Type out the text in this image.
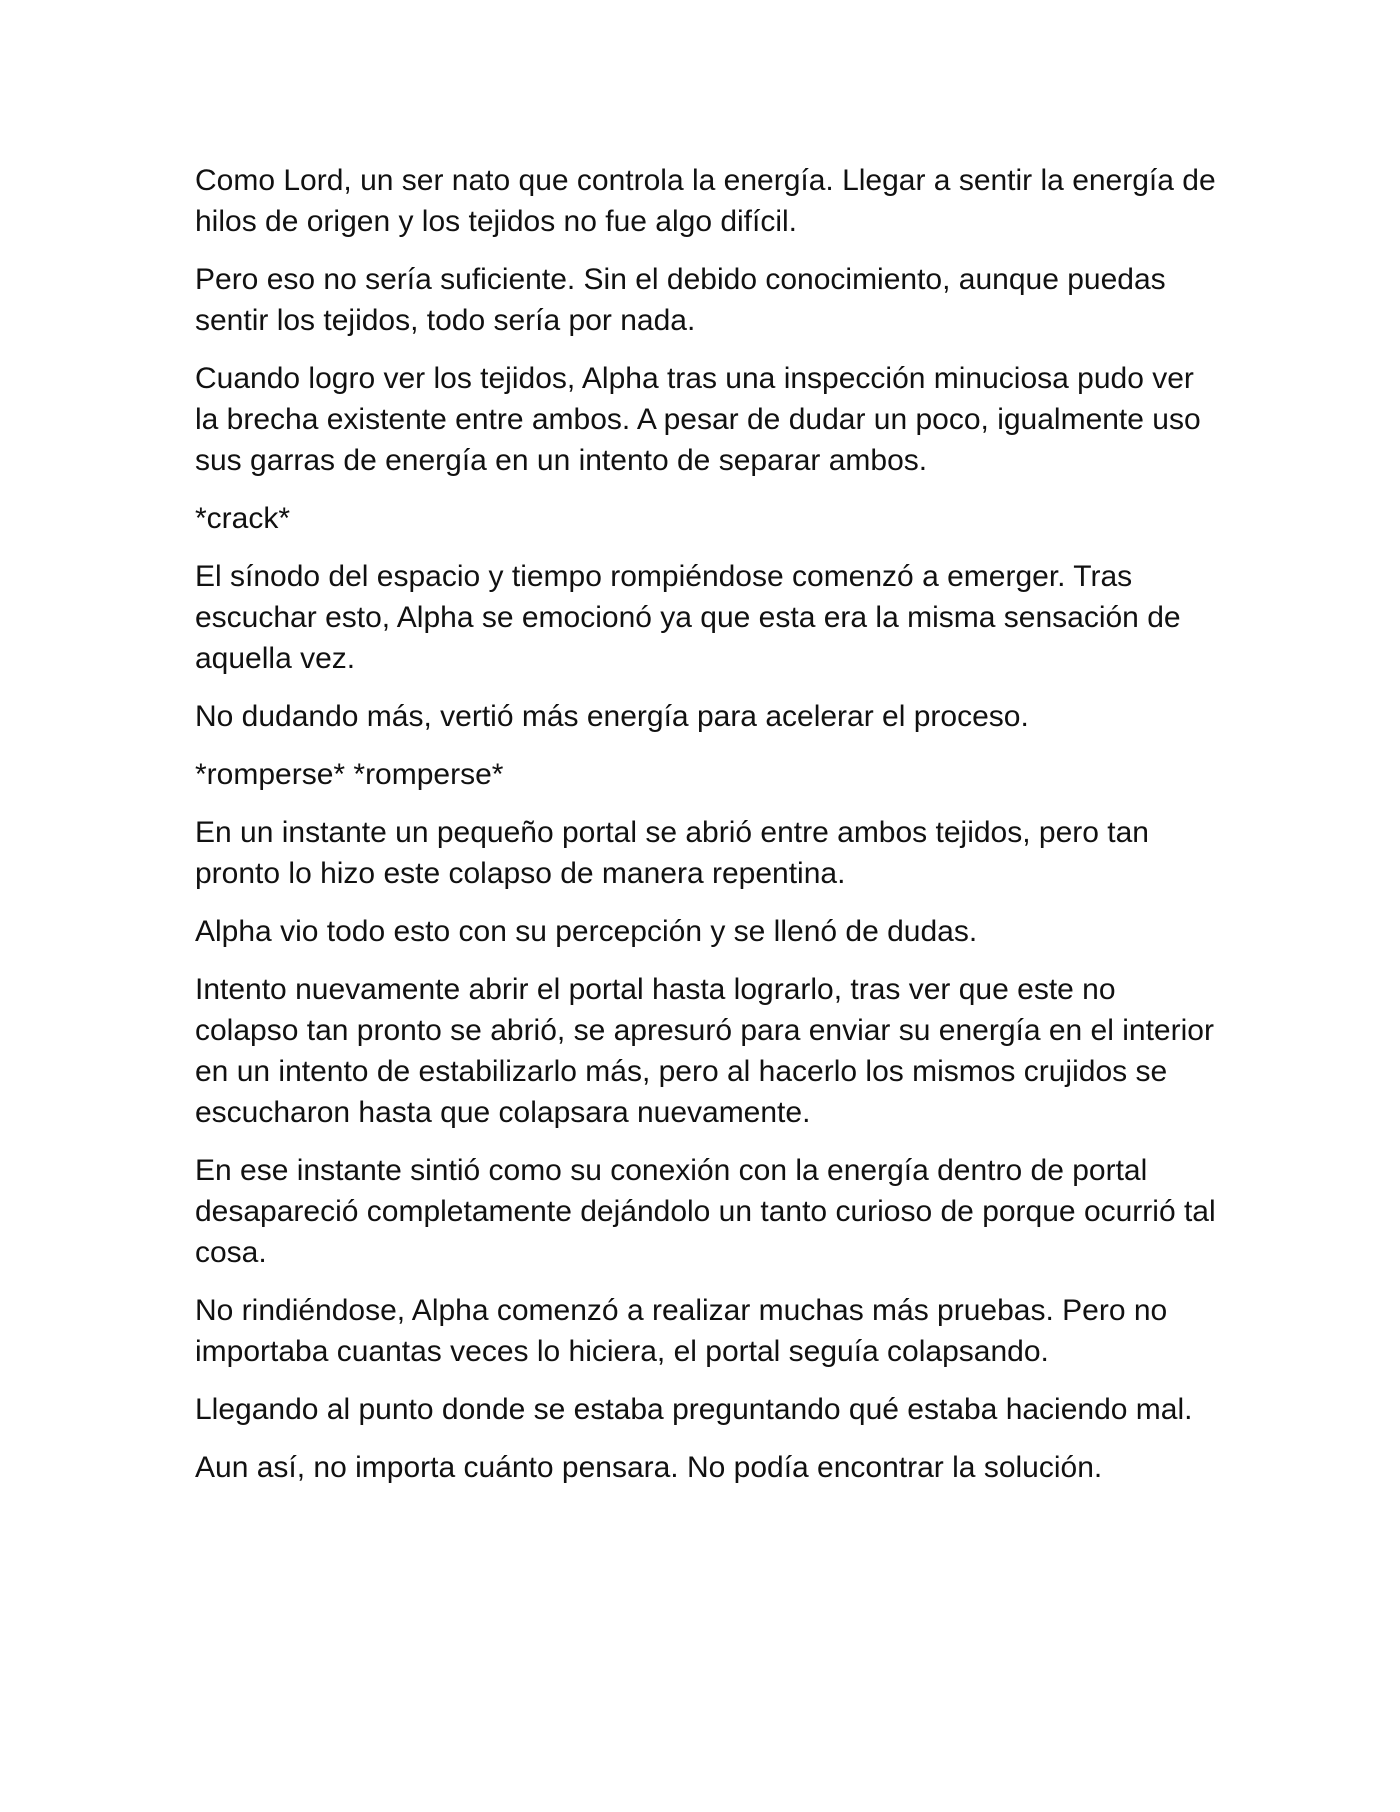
Como Lord, un ser nato que controla la energía. Llegar a sentir la energía de hilos de origen y los tejidos no fue algo difícil.

Pero eso no sería suficiente. Sin el debido conocimiento, aunque puedas sentir los tejidos, todo sería por nada.

Cuando logro ver los tejidos, Alpha tras una inspección minuciosa pudo ver la brecha existente entre ambos. A pesar de dudar un poco, igualmente uso sus garras de energía en un intento de separar ambos.

*crack*

El sínodo del espacio y tiempo rompiéndose comenzó a emerger. Tras escuchar esto, Alpha se emocionó ya que esta era la misma sensación de aquella vez.

No dudando más, vertió más energía para acelerar el proceso.

*romperse* *romperse*

En un instante un pequeño portal se abrió entre ambos tejidos, pero tan pronto lo hizo este colapso de manera repentina.

Alpha vio todo esto con su percepción y se llenó de dudas.

Intento nuevamente abrir el portal hasta lograrlo, tras ver que este no colapso tan pronto se abrió, se apresuró para enviar su energía en el interior en un intento de estabilizarlo más, pero al hacerlo los mismos crujidos se escucharon hasta que colapsara nuevamente.

En ese instante sintió como su conexión con la energía dentro de portal desapareció completamente dejándolo un tanto curioso de porque ocurrió tal cosa.

No rindiéndose, Alpha comenzó a realizar muchas más pruebas. Pero no importaba cuantas veces lo hiciera, el portal seguía colapsando.

Llegando al punto donde se estaba preguntando qué estaba haciendo mal.

Aun así, no importa cuánto pensara. No podía encontrar la solución.
